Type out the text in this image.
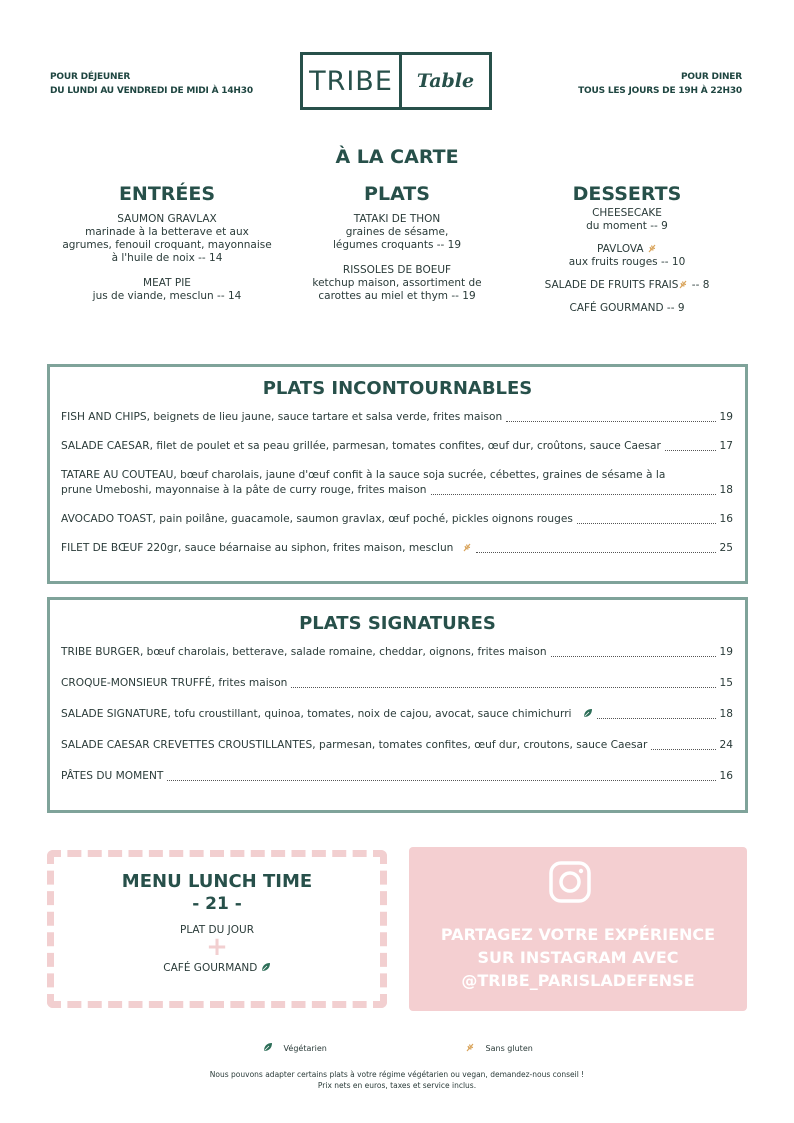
POUR DÉJEUNER
DU LUNDI AU VENDREDI DE MIDI À 14H30 TRIBE	Table	POUR DINER
TOUS LES JOURS DE 19H À 22H30
À LA CARTE
ENTRÉES
SAUMON GRAVLAX
marinade à la betterave et aux
agrumes, fenouil croquant, mayonnaise
à l'huile de noix -- 14
MEAT PIE
jus de viande, mesclun -- 14
PLATS
TATAKI DE THON
graines de sésame,
légumes croquants -- 19
RISSOLES DE BOEUF
ketchup maison, assortiment de
carottes au miel et thym -- 19
DESSERTS
CHEESECAKE
du moment -- 9
PAVLOVA
aux fruits rouges -- 10
SALADE DE FRUITS FRAIS -- 8
CAFÉ GOURMAND -- 9
PLATS INCONTOURNABLES
FISH AND CHIPS, beignets de lieu jaune, sauce tartare et salsa verde, frites maison	19
SALADE CAESAR, filet de poulet et sa peau grillée, parmesan, tomates confites, œuf dur, croûtons, sauce Caesar	17
TATARE AU COUTEAU, bœuf charolais, jaune d'œuf confit à la sauce soja sucrée, cébettes, graines de sésame à la
prune Umeboshi, mayonnaise à la pâte de curry rouge, frites maison	18
AVOCADO TOAST, pain poilâne, guacamole, saumon gravlax, œuf poché, pickles oignons rouges	16
FILET DE BŒUF 220gr, sauce béarnaise au siphon, frites maison, mesclun	25
PLATS SIGNATURES
TRIBE BURGER, bœuf charolais, betterave, salade romaine, cheddar, oignons, frites maison	19
CROQUE-MONSIEUR TRUFFÉ, frites maison	15
SALADE SIGNATURE, tofu croustillant, quinoa, tomates, noix de cajou, avocat, sauce chimichurri	18
SALADE CAESAR CREVETTES CROUSTILLANTES, parmesan, tomates confites, œuf dur, croutons, sauce Caesar	24
PÂTES DU MOMENT	16
MENU LUNCH TIME
- 21 -
PLAT DU JOUR
+
CAFÉ GOURMAND
PARTAGEZ VOTRE EXPÉRIENCE
SUR INSTAGRAM AVEC
@TRIBE_PARISLADEFENSE
Végétarien	Sans gluten
Nous pouvons adapter certains plats à votre régime végétarien ou vegan, demandez-nous conseil !
Prix nets en euros, taxes et service inclus.
